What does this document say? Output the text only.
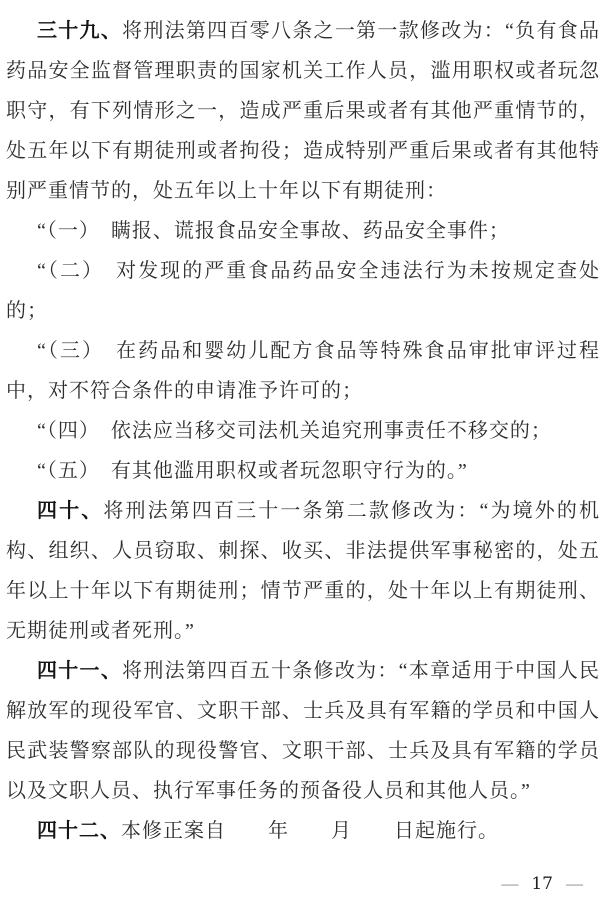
三十九、将刑法第四百零八条之一第一款修改为：“负有食品药品安全监督管理职责的国家机关工作人员，滥用职权或者玩忽职守，有下列情形之一，造成严重后果或者有其他严重情节的，处五年以下有期徒刑或者拘役；造成特别严重后果或者有其他特别严重情节的，处五年以上十年以下有期徒刑：

“（一）　瞒报、谎报食品安全事故、药品安全事件；

“（二）　对发现的严重食品药品安全违法行为未按规定查处的；

“（三）　在药品和婴幼儿配方食品等特殊食品审批审评过程中，对不符合条件的申请准予许可的；

“（四）　依法应当移交司法机关追究刑事责任不移交的；

“（五）　有其他滥用职权或者玩忽职守行为的。”

四十、将刑法第四百三十一条第二款修改为：“为境外的机构、组织、人员窃取、刺探、收买、非法提供军事秘密的，处五年以上十年以下有期徒刑；情节严重的，处十年以上有期徒刑、无期徒刑或者死刑。”

四十一、将刑法第四百五十条修改为：“本章适用于中国人民解放军的现役军官、文职干部、士兵及具有军籍的学员和中国人民武装警察部队的现役警官、文职干部、士兵及具有军籍的学员以及文职人员、执行军事任务的预备役人员和其他人员。”

四十二、本修正案自　　年　　月　　日起施行。

— 17 —
